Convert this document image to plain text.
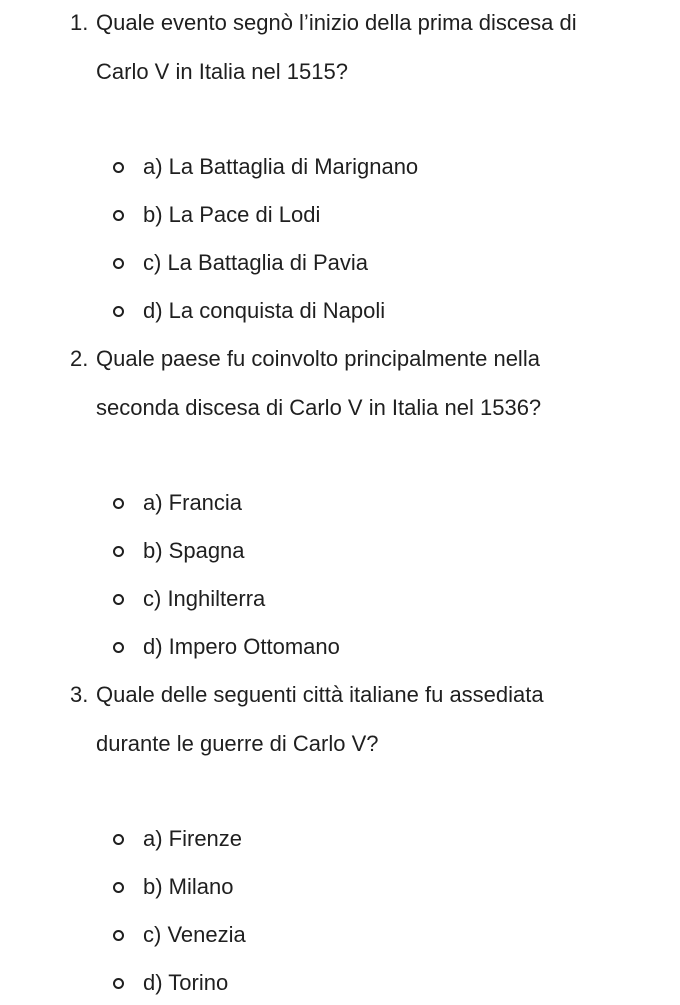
1. Quale evento segnò l’inizio della prima discesa di
Carlo V in Italia nel 1515?
a) La Battaglia di Marignano
b) La Pace di Lodi
c) La Battaglia di Pavia
d) La conquista di Napoli
2. Quale paese fu coinvolto principalmente nella
seconda discesa di Carlo V in Italia nel 1536?
a) Francia
b) Spagna
c) Inghilterra
d) Impero Ottomano
3. Quale delle seguenti città italiane fu assediata
durante le guerre di Carlo V?
a) Firenze
b) Milano
c) Venezia
d) Torino
